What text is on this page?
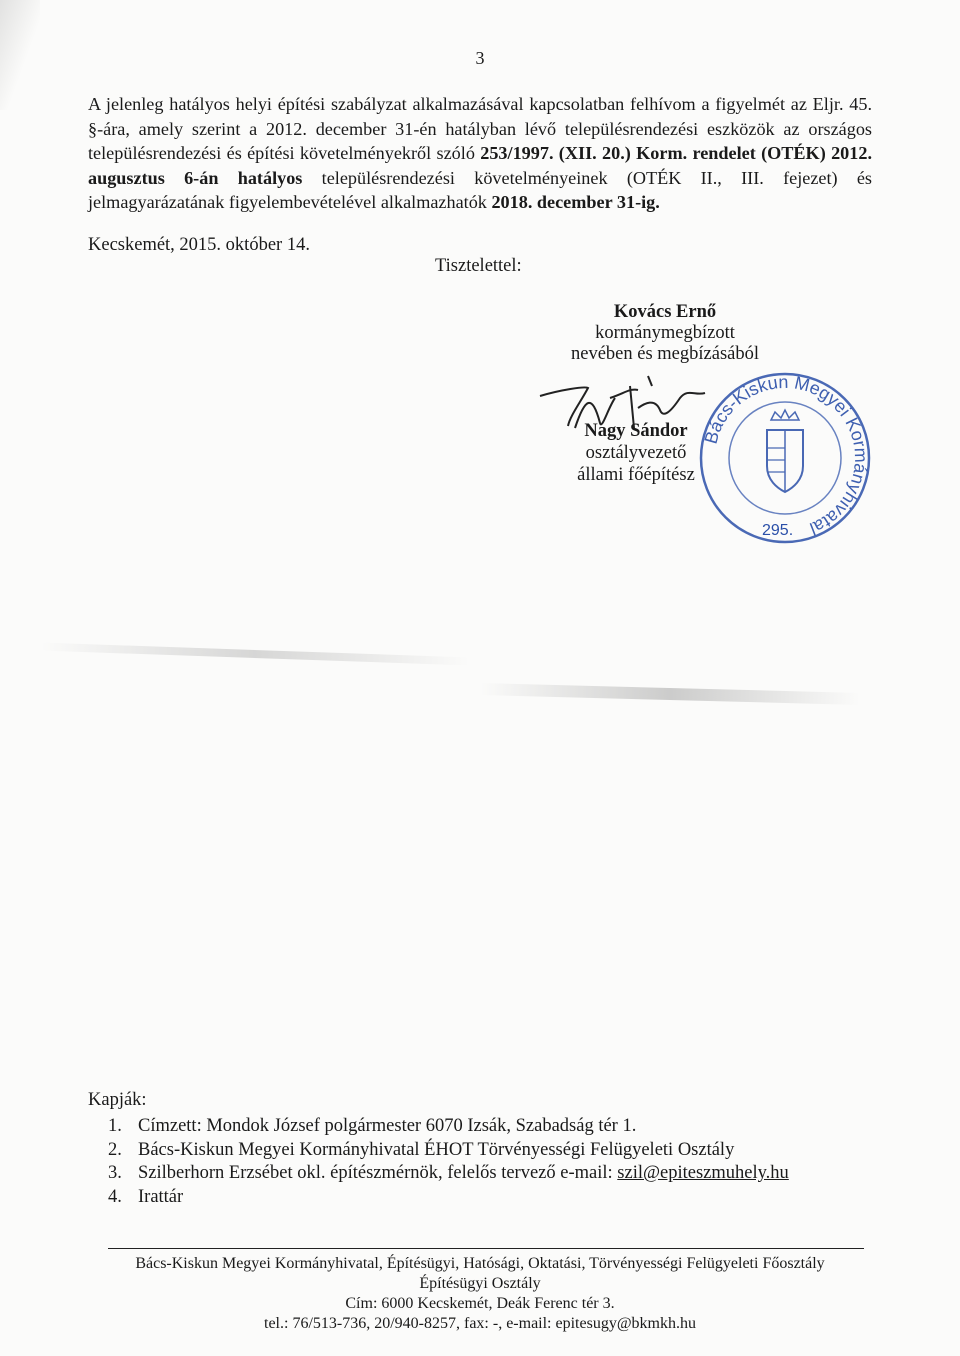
3
A jelenleg hatályos helyi építési szabályzat alkalmazásával kapcsolatban felhívom a figyelmét az Eljr. 45. §-ára, amely szerint a 2012. december 31-én hatályban lévő településrendezési eszközök az országos településrendezési és építési követelményekről szóló 253/1997. (XII. 20.) Korm. rendelet (OTÉK) 2012. augusztus 6-án hatályos településrendezési követelményeinek (OTÉK II., III. fejezet) és jelmagyarázatának figyelembevételével alkalmazhatók 2018. december 31-ig.
Kecskemét, 2015. október 14.
Tisztelettel:
Kovács Ernő
kormánymegbízott
nevében és megbízásából
Bács-Kiskun Megyei Kormányhivatal
295.
Nagy Sándor
osztályvezető
állami főépítész
Kapják:
1. Címzett: Mondok József polgármester 6070 Izsák, Szabadság tér 1.
2. Bács-Kiskun Megyei Kormányhivatal ÉHOT Törvényességi Felügyeleti Osztály
3. Szilberhorn Erzsébet okl. építészmérnök, felelős tervező e-mail: szil@epiteszmuhely.hu
4. Irattár
Bács-Kiskun Megyei Kormányhivatal, Építésügyi, Hatósági, Oktatási, Törvényességi Felügyeleti Főosztály
Építésügyi Osztály
Cím: 6000 Kecskemét, Deák Ferenc tér 3.
tel.: 76/513-736, 20/940-8257, fax: -, e-mail: epitesugy@bkmkh.hu
